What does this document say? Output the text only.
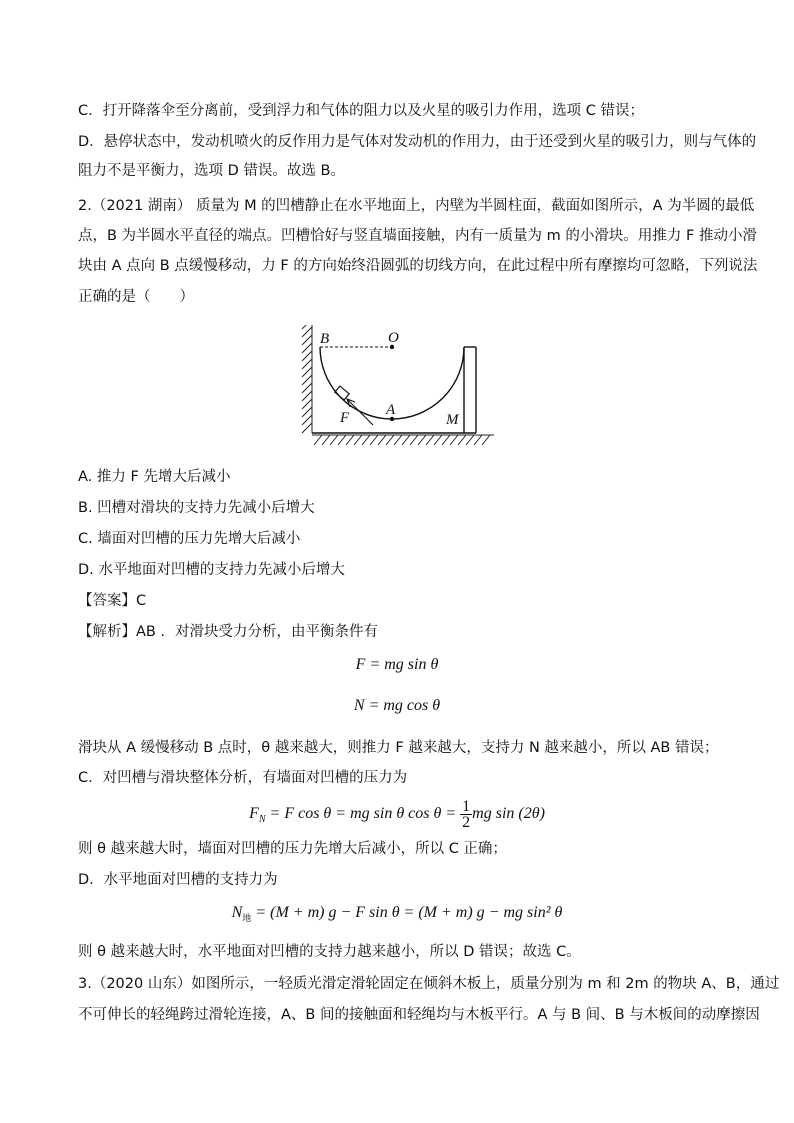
C．打开降落伞至分离前，受到浮力和气体的阻力以及火星的吸引力作用，选项 C 错误；
D．悬停状态中，发动机喷火的反作用力是气体对发动机的作用力，由于还受到火星的吸引力，则与气体的
阻力不是平衡力，选项 D 错误。故选 B。
2.（2021 湖南） 质量为 M 的凹槽静止在水平地面上，内壁为半圆柱面，截面如图所示，A 为半圆的最低
点，B 为半圆水平直径的端点。凹槽恰好与竖直墙面接触，内有一质量为 m 的小滑块。用推力 F 推动小滑
块由 A 点向 B 点缓慢移动，力 F 的方向始终沿圆弧的切线方向，在此过程中所有摩擦均可忽略，下列说法
正确的是（　　）
B	O
A
F	M
A. 推力 F 先增大后减小
B. 凹槽对滑块的支持力先减小后增大
C. 墙面对凹槽的压力先增大后减小
D. 水平地面对凹槽的支持力先减小后增大
【答案】C
【解析】AB ．对滑块受力分析，由平衡条件有
F = mg sin θ
N = mg cos θ
滑块从 A 缓慢移动 B 点时，θ 越来越大，则推力 F 越来越大，支持力 N 越来越小，所以 AB 错误；
C．对凹槽与滑块整体分析，有墙面对凹槽的压力为
$F_N = F$ cos θ = mg sin θ $\cos \theta = \frac{1}{2}$ mg sin (2θ)
则 θ 越来越大时，墙面对凹槽的压力先增大后减小，所以 C 正确；
D．水平地面对凹槽的支持力为
$N_地 = (M + m) g - F$ sin θ = (M + m) g − mg sin² θ
则 θ 越来越大时，水平地面对凹槽的支持力越来越小，所以 D 错误；故选 C。
3.（2020 山东）如图所示，一轻质光滑定滑轮固定在倾斜木板上，质量分别为 m 和 2m 的物块 A、B，通过
不可伸长的轻绳跨过滑轮连接，A、B 间的接触面和轻绳均与木板平行。A 与 B 间、B 与木板间的动摩擦因
